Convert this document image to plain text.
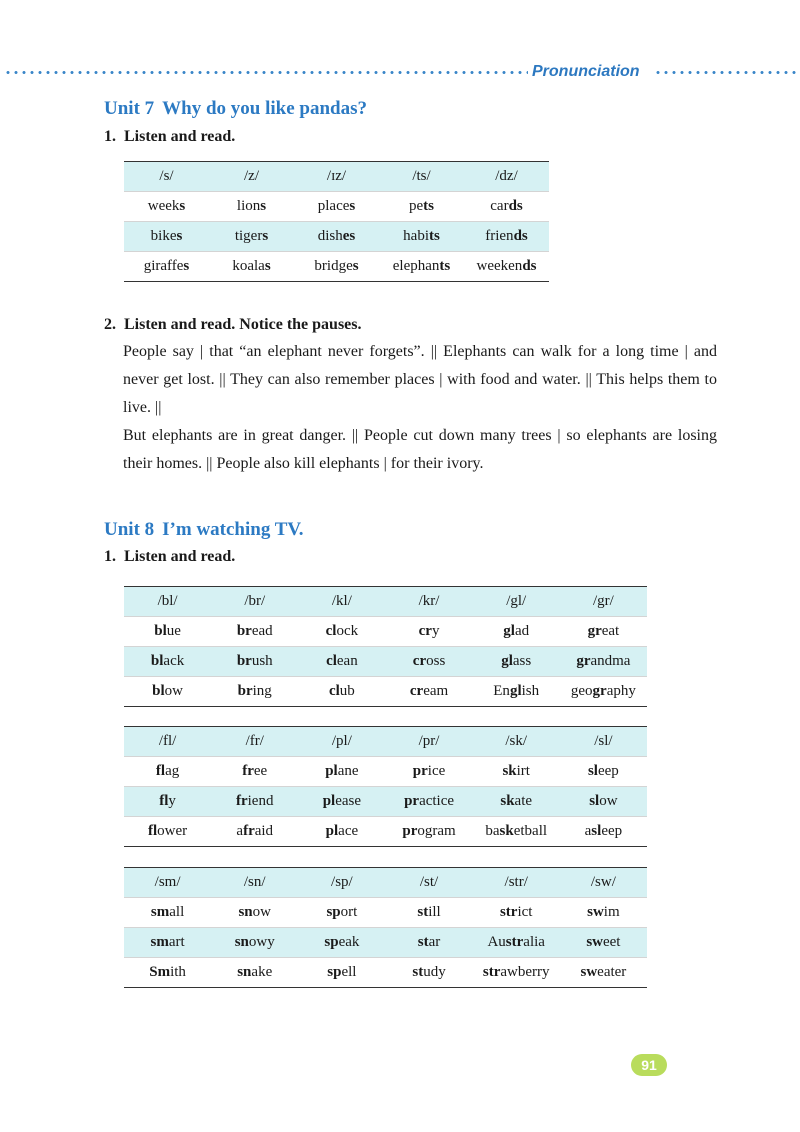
Pronunciation
Unit 7 Why do you like pandas?
1. Listen and read.
/s/	/z/	/ɪz/	/ts/	/dz/
weeks	lions	places	pets	cards
bikes	tigers	dishes	habits	friends
giraffes	koalas	bridges	elephants	weekends
2. Listen and read. Notice the pauses.

People say | that “an elephant never forgets”. || Elephants can walk for a long time | and never get lost. || They can also remember places | with food and water. || This helps them to live. ||

But elephants are in great danger. || People cut down many trees | so elephants are losing their homes. || People also kill elephants | for their ivory.

Unit 8 I’m watching TV.
1. Listen and read.
/bl/	/br/	/kl/	/kr/	/gl/	/gr/
blue	bread	clock	cry	glad	great
black	brush	clean	cross	glass	grandma
blow	bring	club	cream	English	geography
/fl/	/fr/	/pl/	/pr/	/sk/	/sl/
flag	free	plane	price	skirt	sleep
fly	friend	please	practice	skate	slow
flower	afraid	place	program	basketball	asleep
/sm/	/sn/	/sp/	/st/	/str/	/sw/
small	snow	sport	still	strict	swim
smart	snowy	speak	star	Australia	sweet
Smith	snake	spell	study	strawberry	sweater
91
